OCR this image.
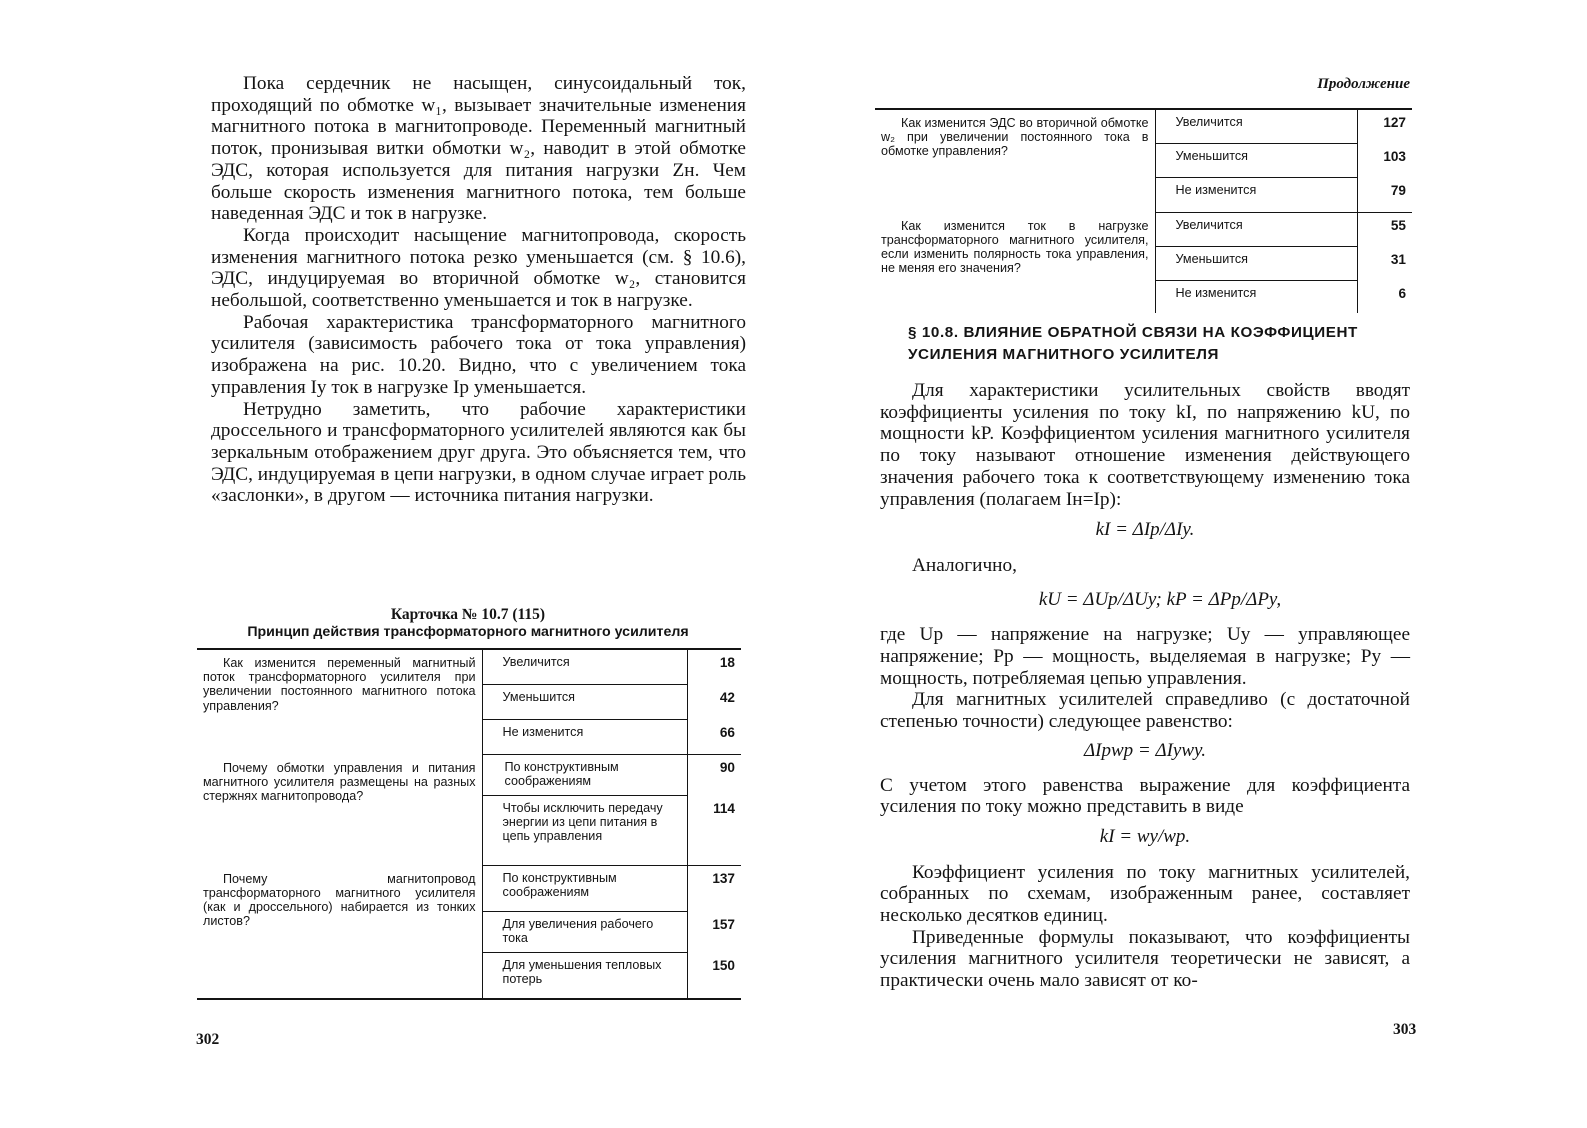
Пока сердечник не насыщен, синусоидальный ток, проходящий по обмотке w₁, вызывает значительные изменения магнитного потока в магнитопроводе. Переменный магнитный поток, пронизывая витки обмотки w₂, наводит в этой обмотке ЭДС, которая используется для питания нагрузки Zн. Чем больше скорость изменения магнитного потока, тем больше наведенная ЭДС и ток в нагрузке.

Когда происходит насыщение магнитопровода, скорость изменения магнитного потока резко уменьшается (см. § 10.6), ЭДС, индуцируемая во вторичной обмотке w₂, становится небольшой, соответственно уменьшается и ток в нагрузке.

Рабочая характеристика трансформаторного магнитного усилителя (зависимость рабочего тока от тока управления) изображена на рис. 10.20. Видно, что с увеличением тока управления Iу ток в нагрузке Iр уменьшается.

Нетрудно заметить, что рабочие характеристики дроссельного и трансформаторного усилителей являются как бы зеркальным отображением друг друга. Это объясняется тем, что ЭДС, индуцируемая в цепи нагрузки, в одном случае играет роль «заслонки», в другом — источника питания нагрузки.

Карточка № 10.7 (115)
Принцип действия трансформаторного магнитного усилителя
Как изменится переменный магнитный поток трансформаторного усилителя при увеличении постоянного магнитного потока управления?	Увеличится	18
	Уменьшится	42
	Не изменится	66
Почему обмотки управления и питания магнитного усилителя размещены на разных стержнях магнитопровода?	По конструктивным соображениям	90
	Чтобы исключить передачу энергии из цепи питания в цепь управления	114
Почему магнитопровод трансформаторного магнитного усилителя (как и дроссельного) набирается из тонких листов?	По конструктивным соображениям	137
	Для увеличения рабочего тока	157
	Для уменьшения тепловых потерь	150
302
Продолжение
Как изменится ЭДС во вторичной обмотке w₂ при увеличении постоянного тока в обмотке управления?	Увеличится	127
	Уменьшится	103
	Не изменится	79
Как изменится ток в нагрузке трансформаторного магнитного усилителя, если изменить полярность тока управления, не меняя его значения?	Увеличится	55
	Уменьшится	31
	Не изменится	6
§ 10.8. ВЛИЯНИЕ ОБРАТНОЙ СВЯЗИ НА КОЭФФИЦИЕНТ УСИЛЕНИЯ МАГНИТНОГО УСИЛИТЕЛЯ

Для характеристики усилительных свойств вводят коэффициенты усиления по току kI, по напряжению kU, по мощности kP. Коэффициентом усиления магнитного усилителя по току называют отношение изменения действующего значения рабочего тока к соответствующему изменению тока управления (полагаем Iн=Iр):

kI = ΔIр/ΔIу.

Аналогично,

kU = ΔUр/ΔUу; kP = ΔPр/ΔPу,

где Uр — напряжение на нагрузке; Uу — управляющее напряжение; Pр — мощность, выделяемая в нагрузке; Pу — мощность, потребляемая цепью управления.

Для магнитных усилителей справедливо (с достаточной степенью точности) следующее равенство:

ΔIрwр = ΔIуwу.

С учетом этого равенства выражение для коэффициента усиления по току можно представить в виде

kI = wу/wр.

Коэффициент усиления по току магнитных усилителей, собранных по схемам, изображенным ранее, составляет несколько десятков единиц.

Приведенные формулы показывают, что коэффициенты усиления магнитного усилителя теоретически не зависят, а практически очень мало зависят от ко-

303
